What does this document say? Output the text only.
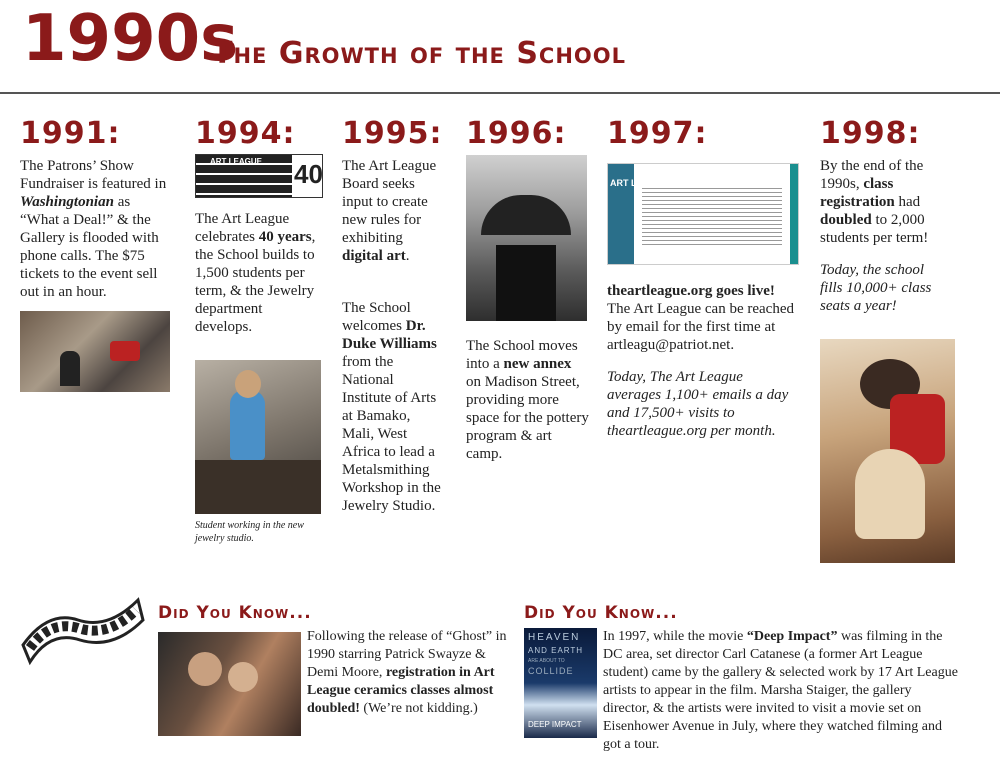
1990s
The Growth of the School
1991: 1994: 1995: 1996: 1997:	1998:

The Patrons’ Show Fundraiser is featured in Washingtonian as “What a Deal!” & the Gallery is flooded with phone calls. The $75 tickets to the event sell out in an hour.

ART LEAGUE 40

The Art League celebrates 40 years, the School builds to 1,500 students per term, & the Jewelry department develops.

Student working in the new jewelry studio.

The Art League Board seeks input to create new rules for exhibiting digital art.

The School welcomes Dr. Duke Williams from the National Institute of Arts at Bamako, Mali, West Africa to lead a Metalsmithing Workshop in the Jewelry Studio.

The School moves into a new annex on Madison Street, providing more space for the pottery program & art camp.

ART LEAGUE

theartleague.org goes live! The Art League can be reached by email for the first time at artleagu@patriot.net.

Today, The Art League averages 1,100+ emails a day and 17,500+ visits to theartleague.org per month.

By the end of the 1990s, class registration had doubled to 2,000 students per term!

Today, the school fills 10,000+ class seats a year!

Did You Know...
Following the release of “Ghost” in 1990 starring Patrick Swayze & Demi Moore, registration in Art League ceramics classes almost doubled! (We’re not kidding.)
Did You Know...
HEAVEN
AND EARTH
ARE ABOUT TO
COLLIDE
DEEP IMPACT
In 1997, while the movie “Deep Impact” was filming in the DC area, set director Carl Catanese (a former Art League student) came by the gallery & selected work by 17 Art League artists to appear in the film. Marsha Staiger, the gallery director, & the artists were invited to visit a movie set on Eisenhower Avenue in July, where they watched filming and got a tour.
